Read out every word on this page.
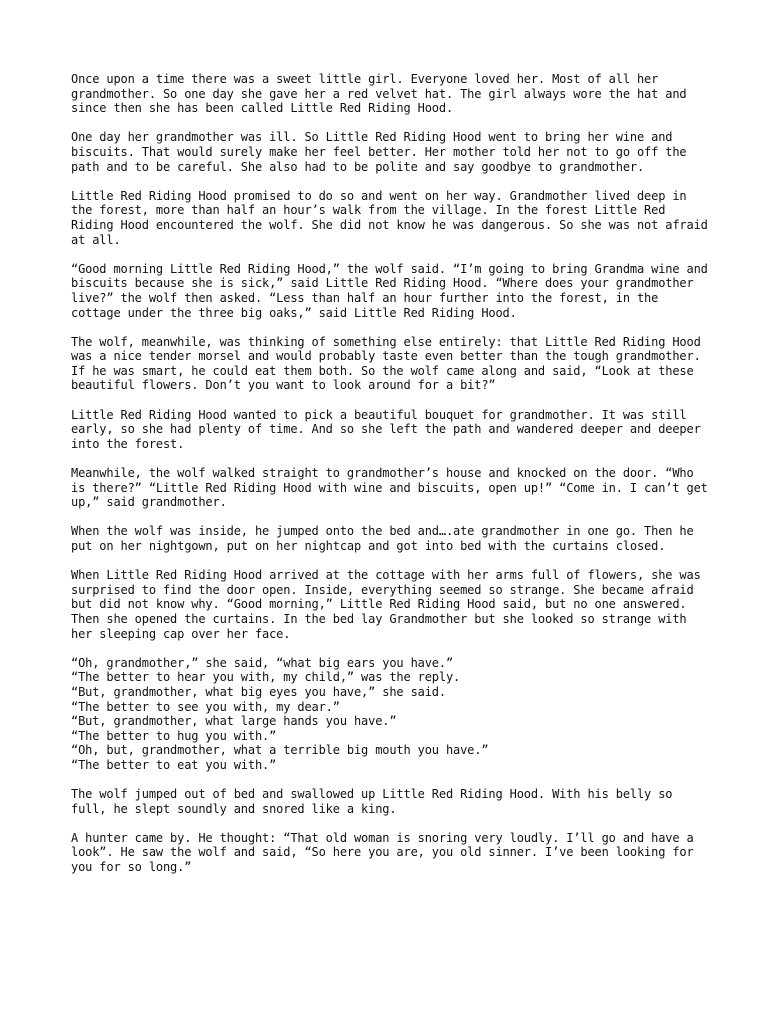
Once upon a time there was a sweet little girl. Everyone loved her. Most of all her grandmother. So one day she gave her a red velvet hat. The girl always wore the hat and since then she has been called Little Red Riding Hood.

One day her grandmother was ill. So Little Red Riding Hood went to bring her wine and biscuits. That would surely make her feel better. Her mother told her not to go off the path and to be careful. She also had to be polite and say goodbye to grandmother.

Little Red Riding Hood promised to do so and went on her way. Grandmother lived deep in the forest, more than half an hour’s walk from the village. In the forest Little Red Riding Hood encountered the wolf. She did not know he was dangerous. So she was not afraid at all.

“Good morning Little Red Riding Hood,” the wolf said. “I’m going to bring Grandma wine and biscuits because she is sick,” said Little Red Riding Hood. “Where does your grandmother live?” the wolf then asked. “Less than half an hour further into the forest, in the cottage under the three big oaks,” said Little Red Riding Hood.

The wolf, meanwhile, was thinking of something else entirely: that Little Red Riding Hood was a nice tender morsel and would probably taste even better than the tough grandmother. If he was smart, he could eat them both. So the wolf came along and said, “Look at these beautiful flowers. Don’t you want to look around for a bit?”

Little Red Riding Hood wanted to pick a beautiful bouquet for grandmother. It was still early, so she had plenty of time. And so she left the path and wandered deeper and deeper into the forest.

Meanwhile, the wolf walked straight to grandmother’s house and knocked on the door. “Who is there?” “Little Red Riding Hood with wine and biscuits, open up!” “Come in. I can’t get up,” said grandmother.

When the wolf was inside, he jumped onto the bed and….ate grandmother in one go. Then he put on her nightgown, put on her nightcap and got into bed with the curtains closed.

When Little Red Riding Hood arrived at the cottage with her arms full of flowers, she was surprised to find the door open. Inside, everything seemed so strange. She became afraid but did not know why. “Good morning,” Little Red Riding Hood said, but no one answered. Then she opened the curtains. In the bed lay Grandmother but she looked so strange with her sleeping cap over her face.

“Oh, grandmother,” she said, “what big ears you have.”
“The better to hear you with, my child,” was the reply.
“But, grandmother, what big eyes you have,” she said.
“The better to see you with, my dear.”
“But, grandmother, what large hands you have.”
“The better to hug you with.”
“Oh, but, grandmother, what a terrible big mouth you have.”
“The better to eat you with.”

The wolf jumped out of bed and swallowed up Little Red Riding Hood. With his belly so full, he slept soundly and snored like a king.

A hunter came by. He thought: “That old woman is snoring very loudly. I’ll go and have a look”. He saw the wolf and said, “So here you are, you old sinner. I’ve been looking for you for so long.”
